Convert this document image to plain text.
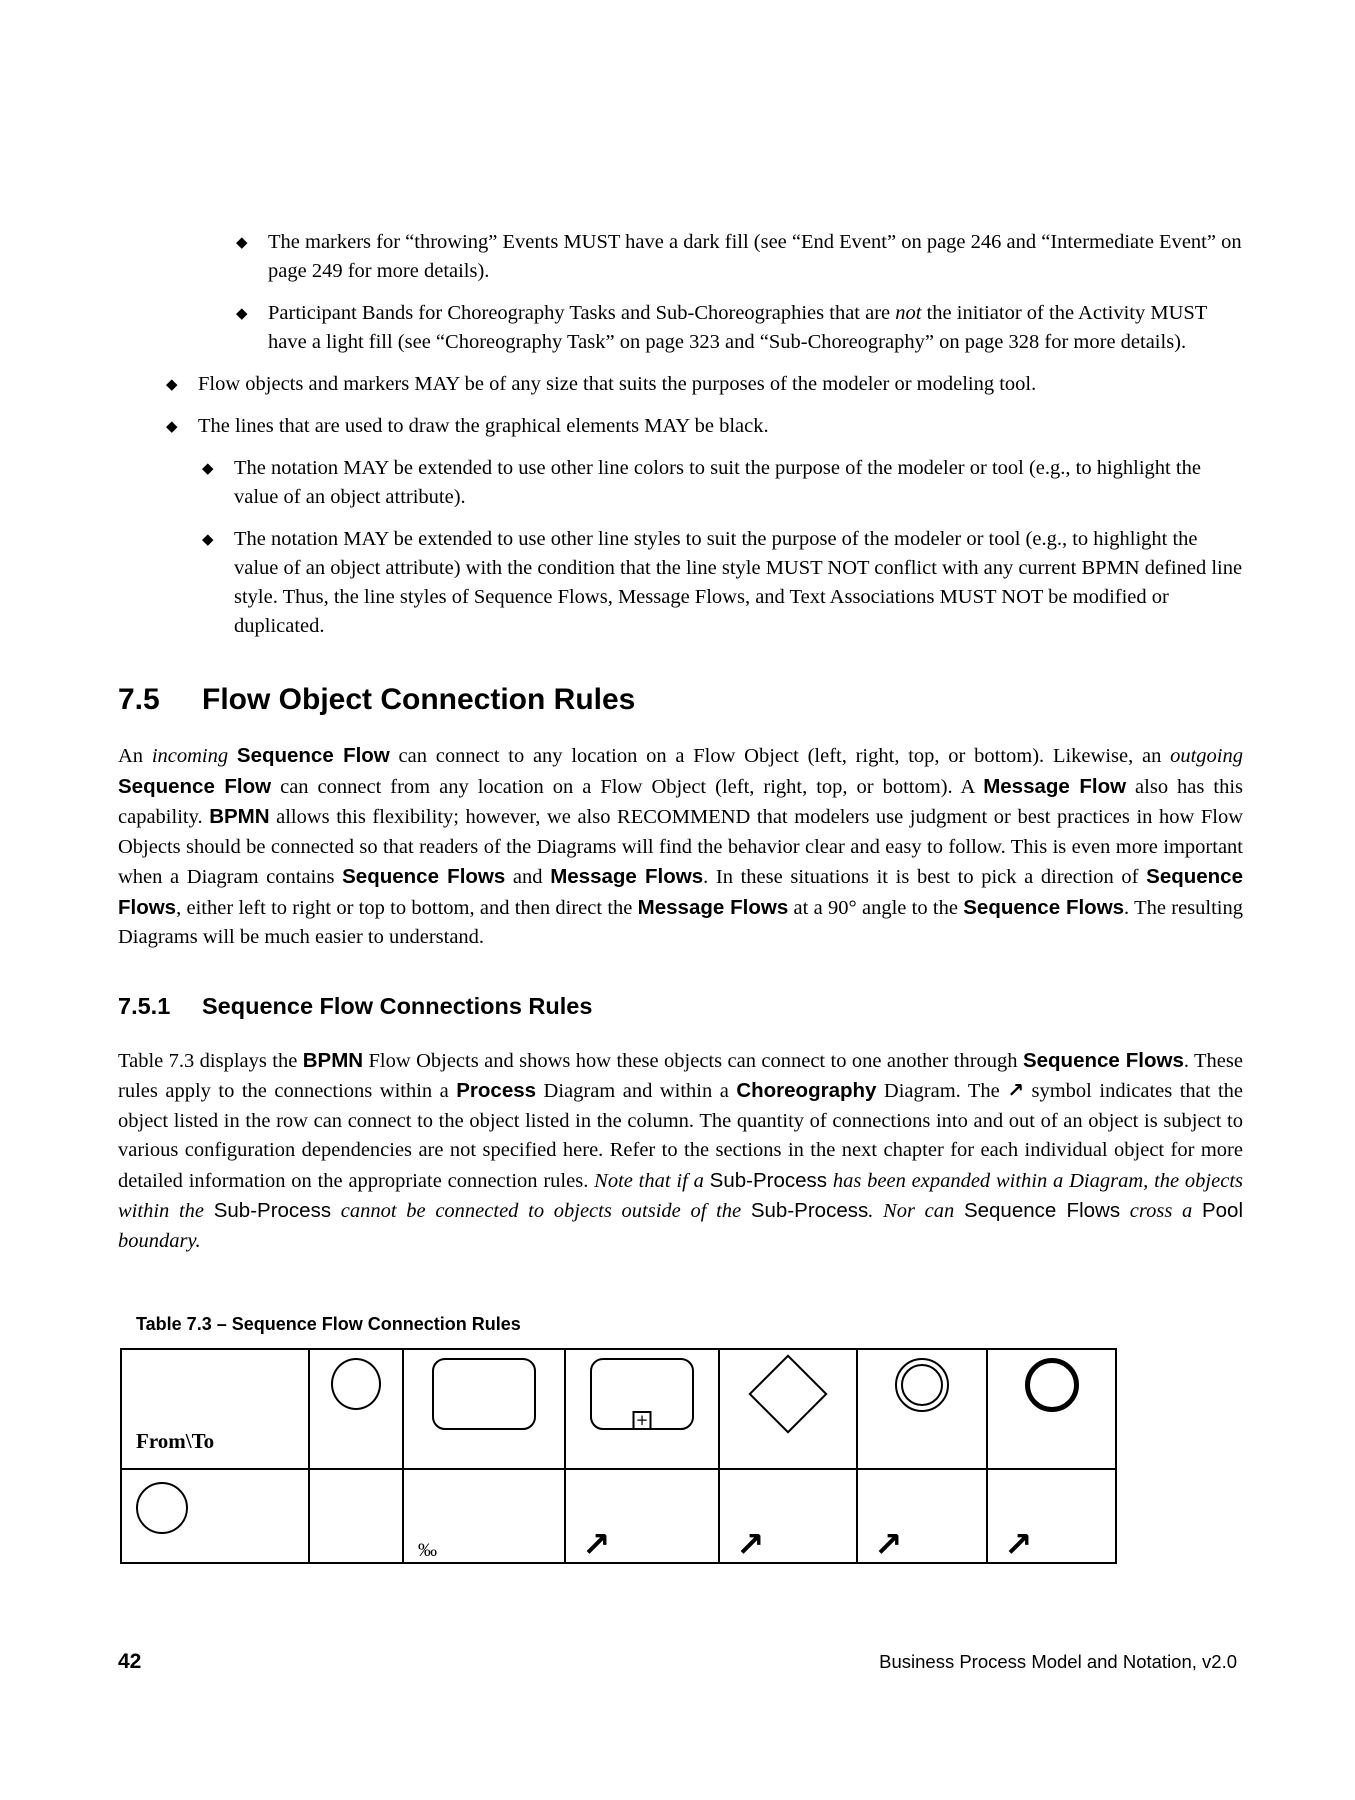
◆ The markers for “throwing” Events MUST have a dark fill (see “End Event” on page 246 and “Intermediate Event” on page 249 for more details).
◆ Participant Bands for Choreography Tasks and Sub-Choreographies that are not the initiator of the Activity MUST have a light fill (see “Choreography Task” on page 323 and “Sub-Choreography” on page 328 for more details).
◆ Flow objects and markers MAY be of any size that suits the purposes of the modeler or modeling tool.
◆ The lines that are used to draw the graphical elements MAY be black.
◆ The notation MAY be extended to use other line colors to suit the purpose of the modeler or tool (e.g., to highlight the value of an object attribute).
◆ The notation MAY be extended to use other line styles to suit the purpose of the modeler or tool (e.g., to highlight the value of an object attribute) with the condition that the line style MUST NOT conflict with any current BPMN defined line style. Thus, the line styles of Sequence Flows, Message Flows, and Text Associations MUST NOT be modified or duplicated.
7.5	Flow Object Connection Rules
An incoming Sequence Flow can connect to any location on a Flow Object (left, right, top, or bottom). Likewise, an outgoing Sequence Flow can connect from any location on a Flow Object (left, right, top, or bottom). A Message Flow also has this capability. BPMN allows this flexibility; however, we also RECOMMEND that modelers use judgment or best practices in how Flow Objects should be connected so that readers of the Diagrams will find the behavior clear and easy to follow. This is even more important when a Diagram contains Sequence Flows and Message Flows. In these situations it is best to pick a direction of Sequence Flows, either left to right or top to bottom, and then direct the Message Flows at a 90° angle to the Sequence Flows. The resulting Diagrams will be much easier to understand.
7.5.1	Sequence Flow Connections Rules
Table 7.3 displays the BPMN Flow Objects and shows how these objects can connect to one another through Sequence Flows. These rules apply to the connections within a Process Diagram and within a Choreography Diagram. The ↗ symbol indicates that the object listed in the row can connect to the object listed in the column. The quantity of connections into and out of an object is subject to various configuration dependencies are not specified here. Refer to the sections in the next chapter for each individual object for more detailed information on the appropriate connection rules. Note that if a Sub-Process has been expanded within a Diagram, the objects within the Sub-Process cannot be connected to objects outside of the Sub-Process. Nor can Sequence Flows cross a Pool boundary.
Table 7.3 – Sequence Flow Connection Rules
From\To			+			

		‰	↗	↗	↗	↗
42	Business Process Model and Notation, v2.0
